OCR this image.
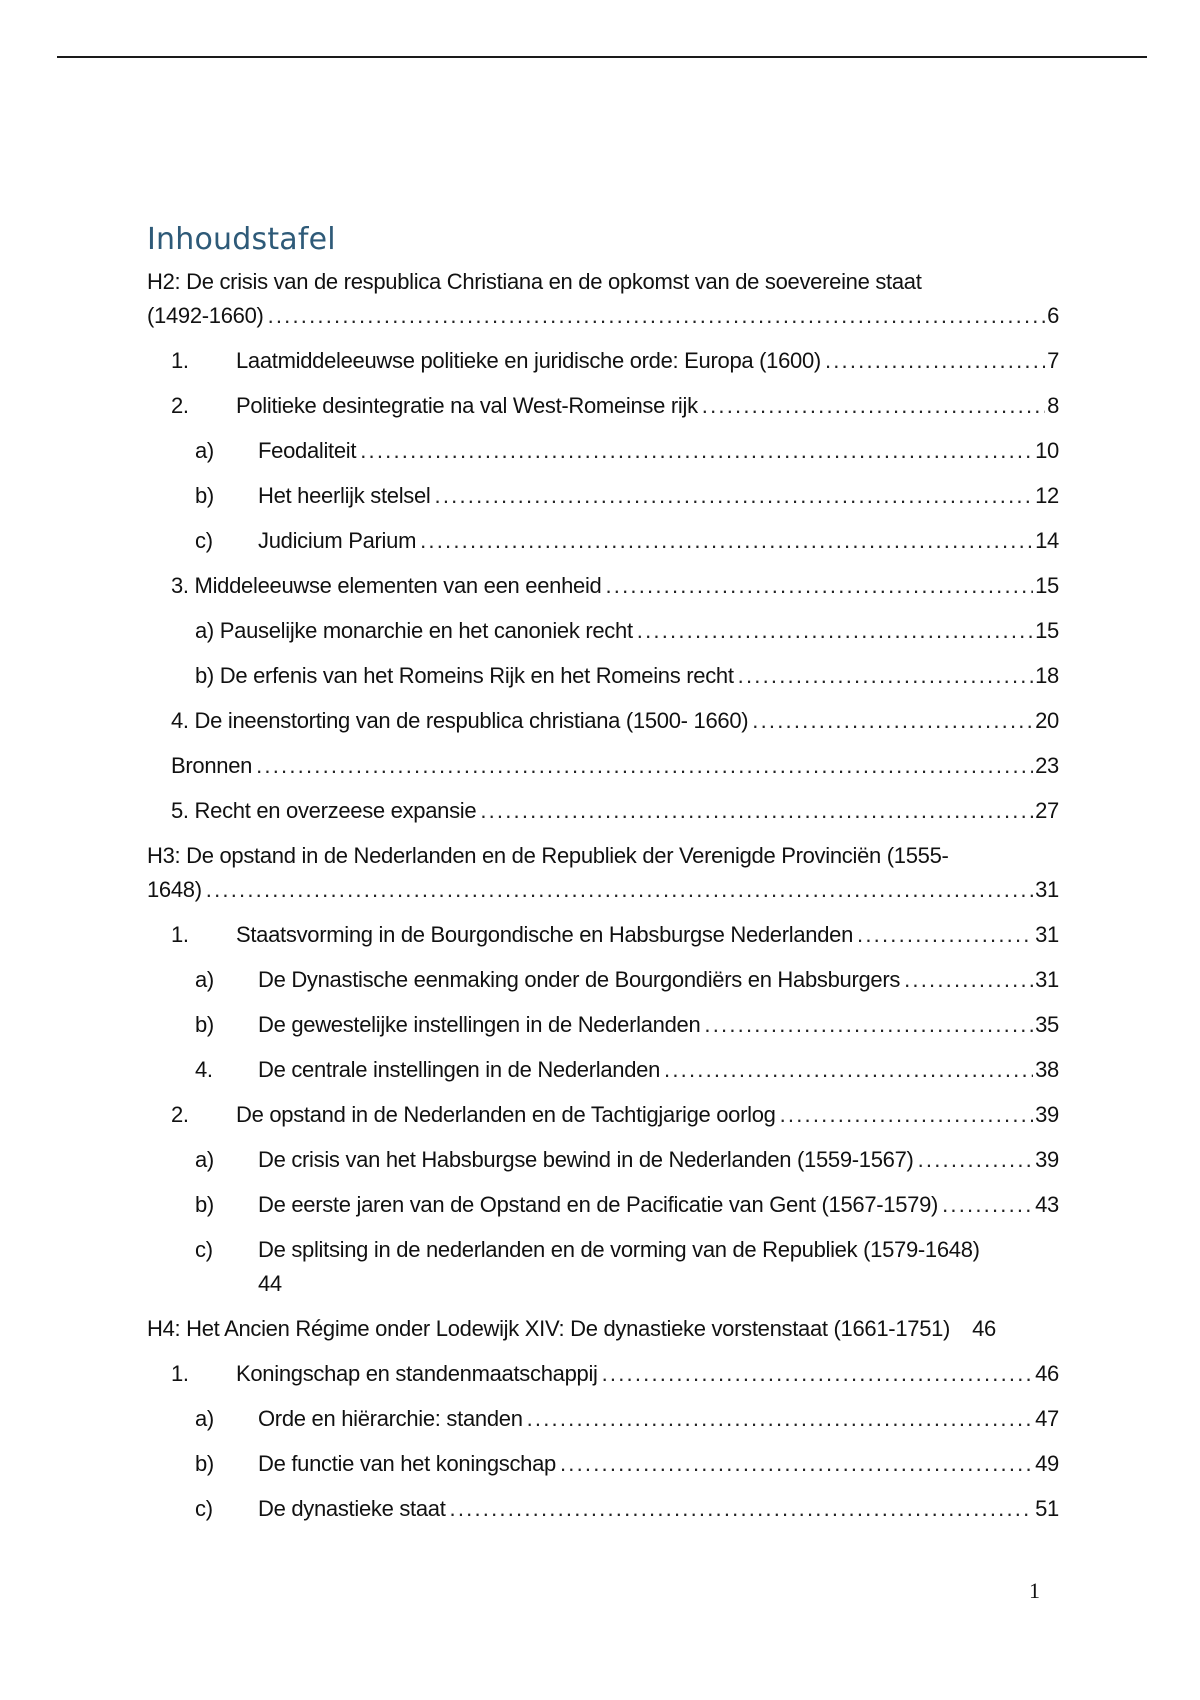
Inhoudstafel
H2: De crisis van de respublica Christiana en de opkomst van de soevereine staat
(1492-1660) .....	6
1.	Laatmiddeleeuwse politieke en juridische orde: Europa (1600) .....	7
2.	Politieke desintegratie na val West-Romeinse rijk .....	8
a)	Feodaliteit .....	10
b)	Het heerlijk stelsel .....	12
c)	Judicium Parium .....	14
3. Middeleeuwse elementen van een eenheid .....	15
a) Pauselijke monarchie en het canoniek recht .....	15
b) De erfenis van het Romeins Rijk en het Romeins recht .....	18
4. De ineenstorting van de respublica christiana (1500- 1660) .....	20
Bronnen .....	23
5. Recht en overzeese expansie .....	27
H3: De opstand in de Nederlanden en de Republiek der Verenigde Provinciën (1555-
1648) .....	31
1.	Staatsvorming in de Bourgondische en Habsburgse Nederlanden .....	31
a)	De Dynastische eenmaking onder de Bourgondiërs en Habsburgers .....	31
b)	De gewestelijke instellingen in de Nederlanden .....	35
4.	De centrale instellingen in de Nederlanden .....	38
2.	De opstand in de Nederlanden en de Tachtigjarige oorlog .....	39
a)	De crisis van het Habsburgse bewind in de Nederlanden (1559-1567) .....	39
b)	De eerste jaren van de Opstand en de Pacificatie van Gent (1567-1579) .....	43
c)	De splitsing in de nederlanden en de vorming van de Republiek (1579-1648)
44
H4: Het Ancien Régime onder Lodewijk XIV: De dynastieke vorstenstaat (1661-1751) 46
1.	Koningschap en standenmaatschappij .....	46
a)	Orde en hiërarchie: standen .....	47
b)	De functie van het koningschap .....	49
c)	De dynastieke staat .....	51
1
